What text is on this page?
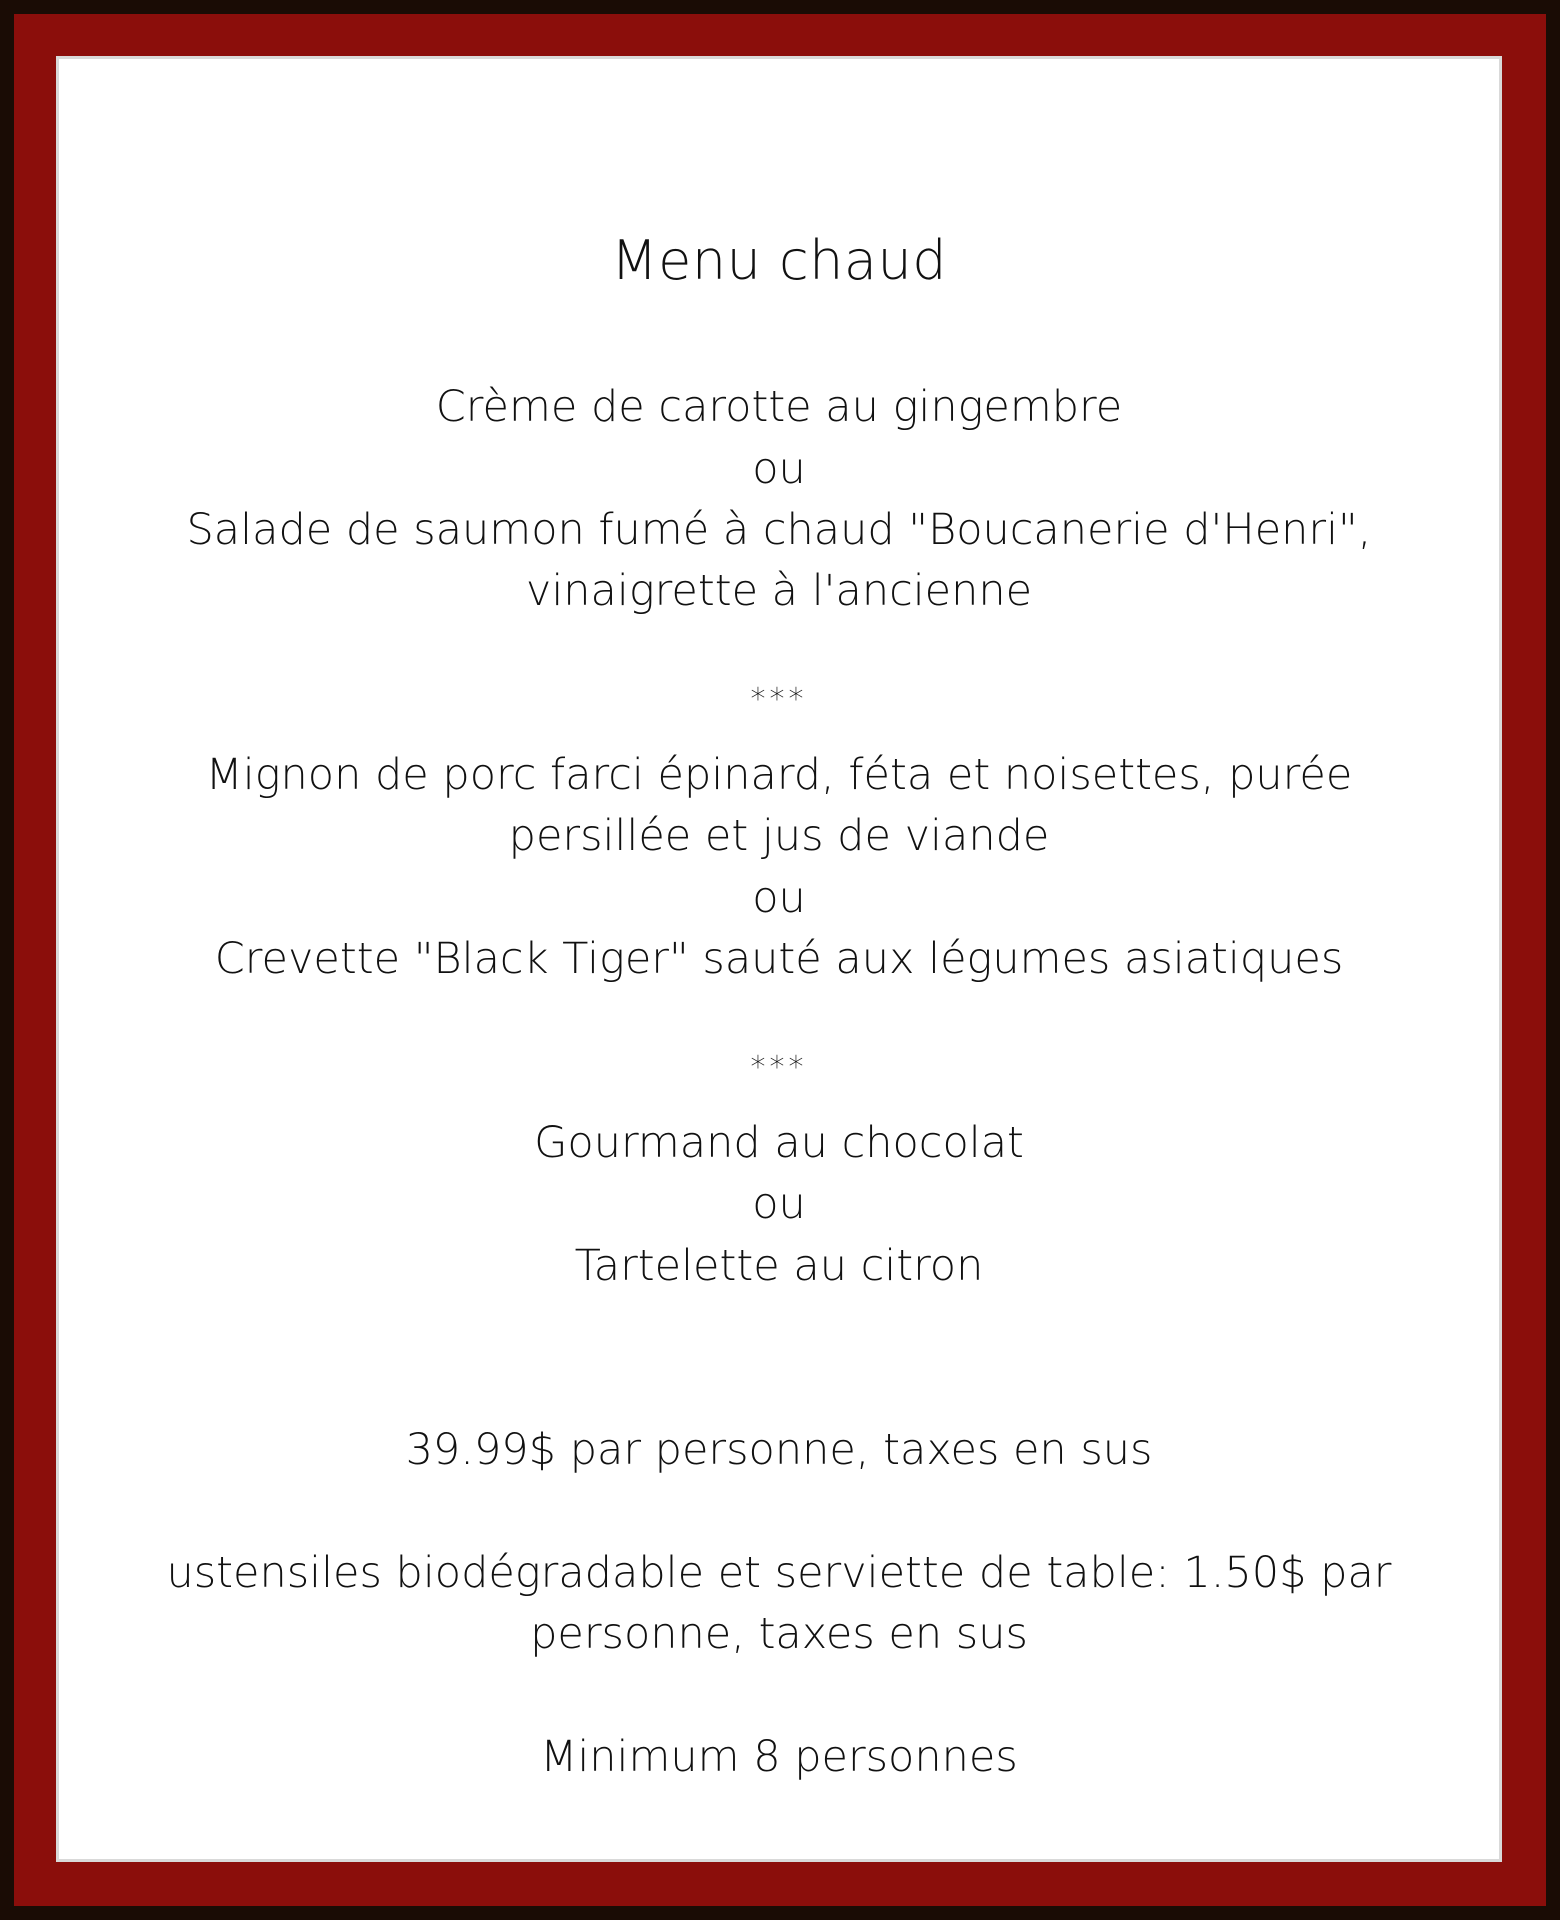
Menu chaud
Crème de carotte au gingembre
ou
Salade de saumon fumé à chaud "Boucanerie d'Henri",
vinaigrette à l'ancienne
***
Mignon de porc farci épinard, féta et noisettes, purée
persillée et jus de viande
ou
Crevette "Black Tiger" sauté aux légumes asiatiques
***
Gourmand au chocolat
ou
Tartelette au citron
39.99$ par personne, taxes en sus
ustensiles biodégradable et serviette de table: 1.50$ par
personne, taxes en sus
Minimum 8 personnes
